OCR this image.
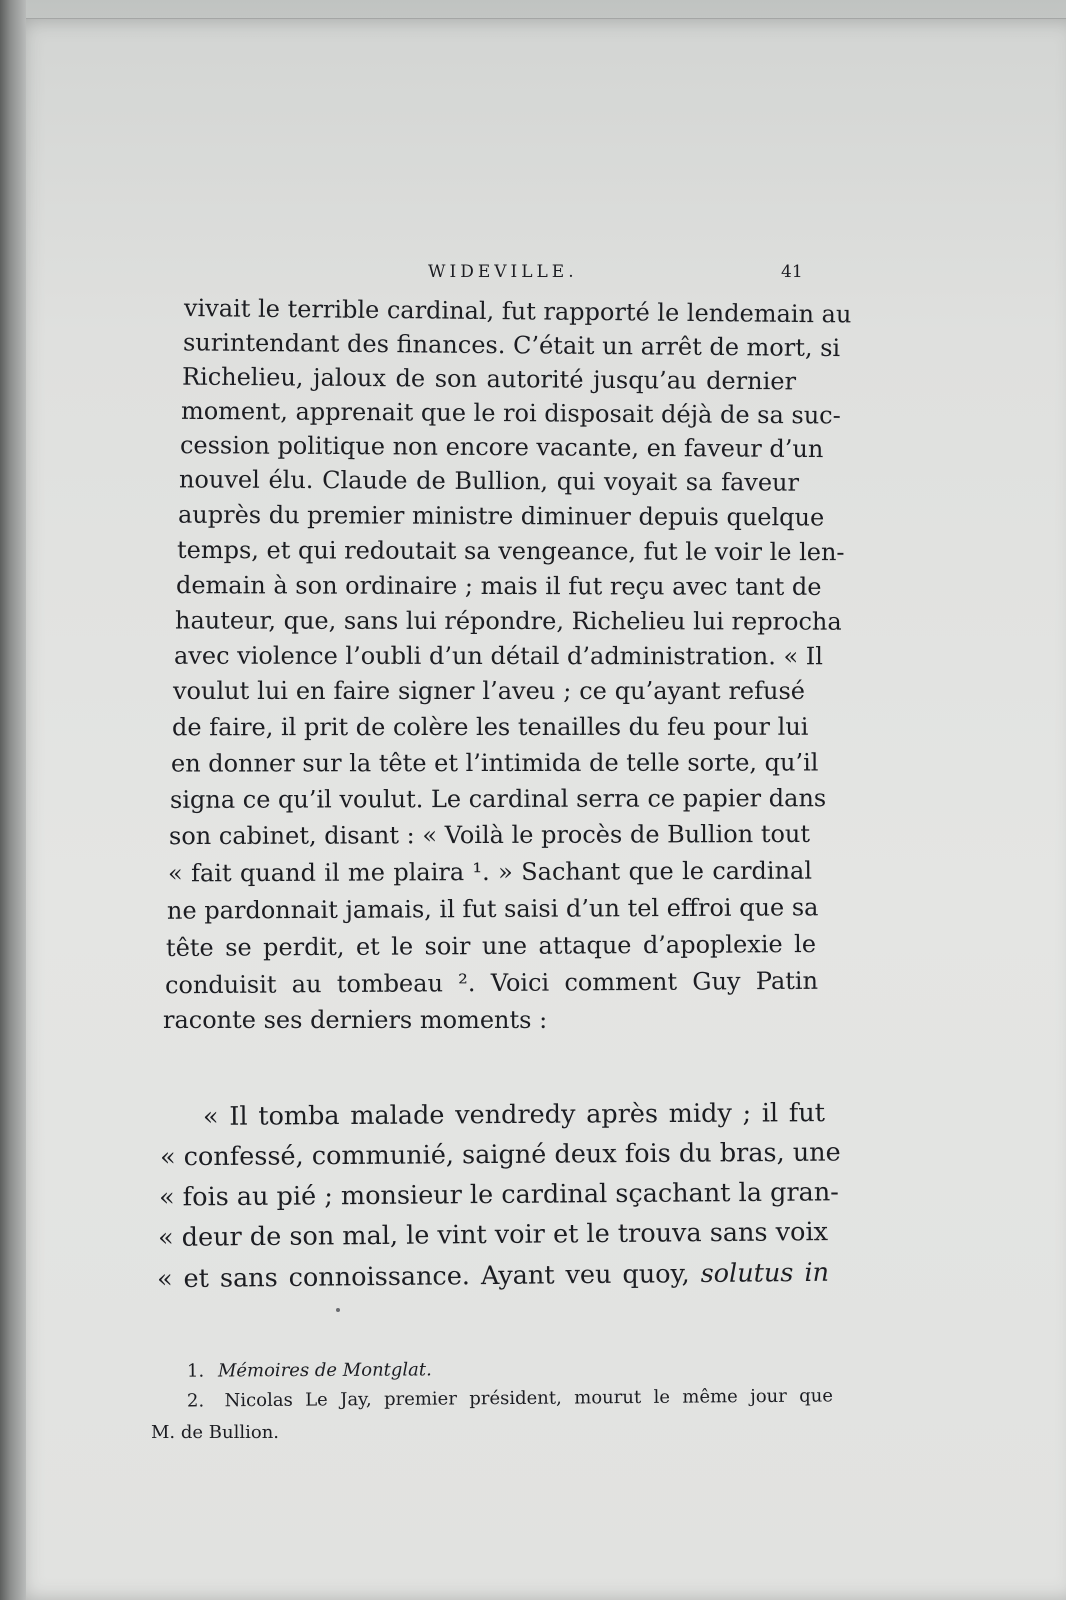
WIDEVILLE.	41
vivait le terrible cardinal, fut rapporté le lendemain au
surintendant des finances. C’était un arrêt de mort, si
Richelieu, jaloux de son autorité jusqu’au dernier
moment, apprenait que le roi disposait déjà de sa suc-
cession politique non encore vacante, en faveur d’un
nouvel élu. Claude de Bullion, qui voyait sa faveur
auprès du premier ministre diminuer depuis quelque
temps, et qui redoutait sa vengeance, fut le voir le len-
demain à son ordinaire ; mais il fut reçu avec tant de
hauteur, que, sans lui répondre, Richelieu lui reprocha
avec violence l’oubli d’un détail d’administration. « Il
voulut lui en faire signer l’aveu ; ce qu’ayant refusé
de faire, il prit de colère les tenailles du feu pour lui
en donner sur la tête et l’intimida de telle sorte, qu’il
signa ce qu’il voulut. Le cardinal serra ce papier dans
son cabinet, disant : « Voilà le procès de Bullion tout
« fait quand il me plaira ¹. » Sachant que le cardinal
ne pardonnait jamais, il fut saisi d’un tel effroi que sa
tête se perdit, et le soir une attaque d’apoplexie le
conduisit au tombeau ². Voici comment Guy Patin
raconte ses derniers moments :
« Il tomba malade vendredy après midy ; il fut
« confessé, communié, saigné deux fois du bras, une
« fois au pié ; monsieur le cardinal sçachant la gran-
« deur de son mal, le vint voir et le trouva sans voix
« et sans connoissance. Ayant veu quoy, solutus in
1. Mémoires de Montglat.
2. Nicolas Le Jay, premier président, mourut le même jour que
M. de Bullion.
